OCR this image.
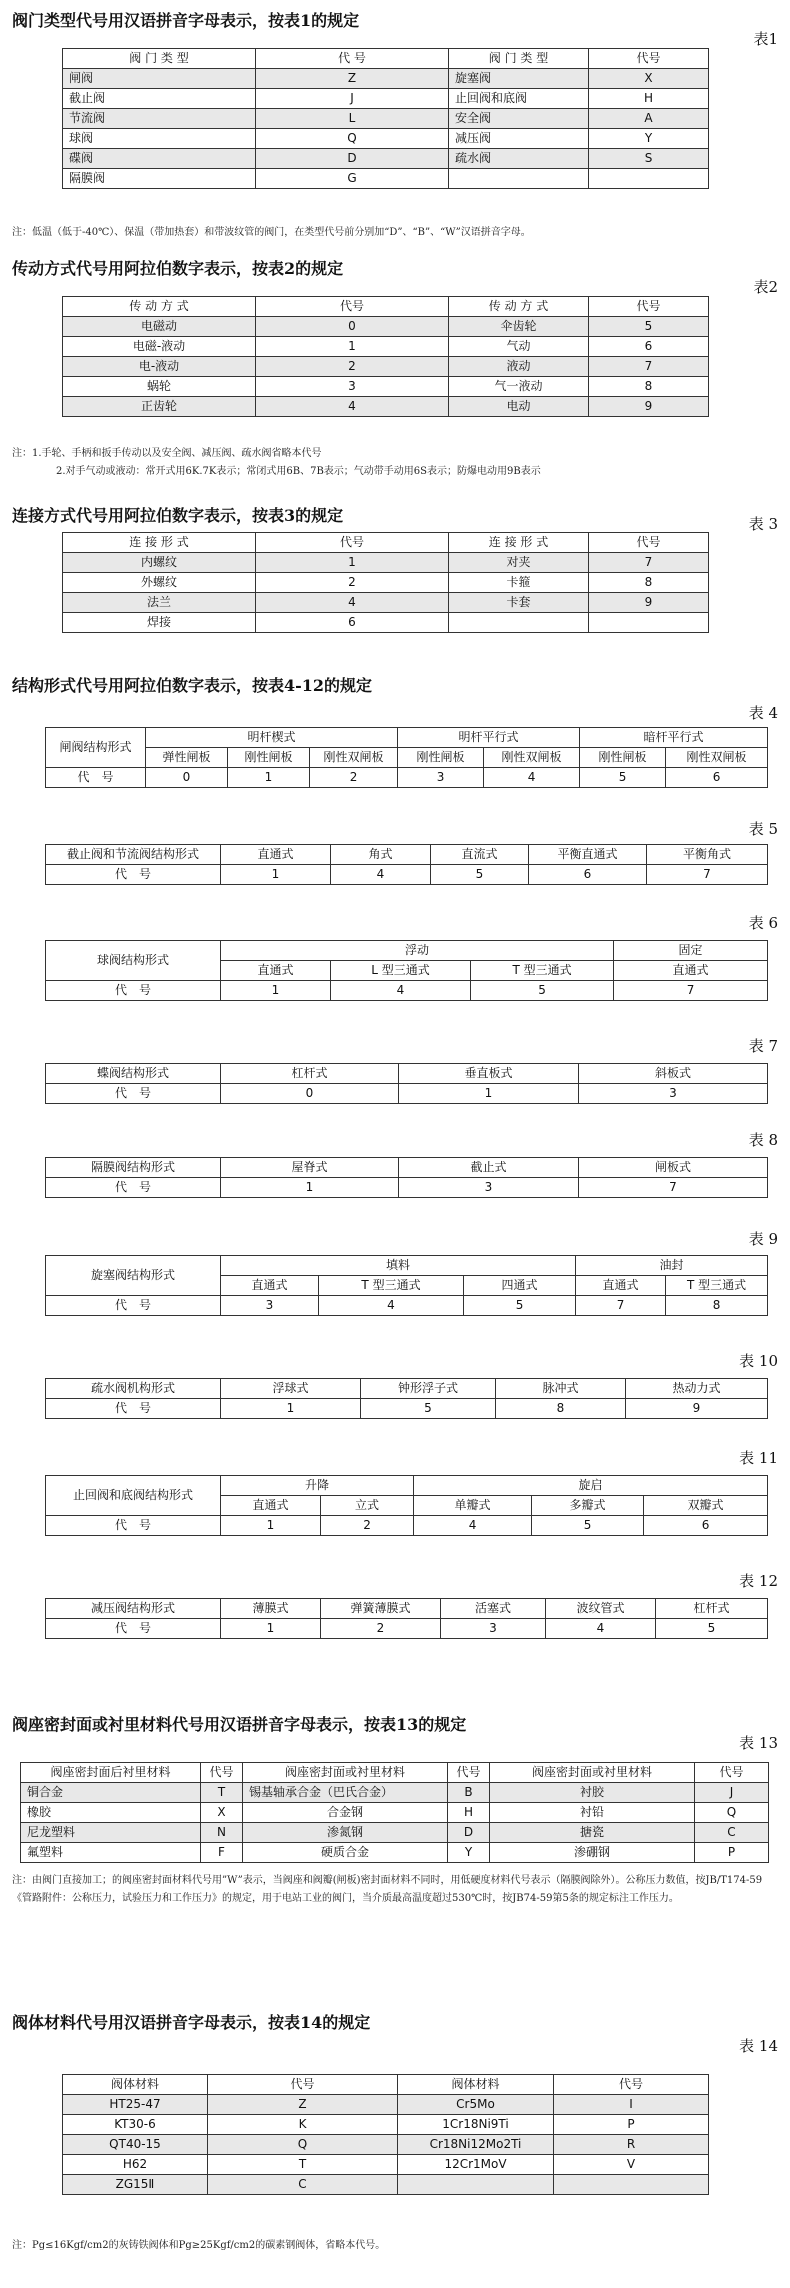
阀门类型代号用汉语拼音字母表示，按表1的规定
表1
阀 门 类 型	代 号	阀 门 类 型	代号
闸阀	Z	旋塞阀	X
截止阀	J	止回阀和底阀	H
节流阀	L	安全阀	A
球阀	Q	减压阀	Y
碟阀	D	疏水阀	S
隔膜阀	G		
注：低温（低于-40℃）、保温（带加热套）和带波纹管的阀门，在类型代号前分别加“D”、“B”、“W”汉语拼音字母。
传动方式代号用阿拉伯数字表示，按表2的规定
表2
传 动 方 式	代号	传 动 方 式	代号
电磁动	0	伞齿轮	5
电磁-液动	1	气动	6
电-液动	2	液动	7
蜗轮	3	气一液动	8
正齿轮	4	电动	9
注：1.手轮、手柄和扳手传动以及安全阀、减压阀、疏水阀省略本代号
2.对手气动或液动：常开式用6K.7K表示；常闭式用6B、7B表示；气动带手动用6S表示；防爆电动用9B表示
连接方式代号用阿拉伯数字表示，按表3的规定	表 3
连 接 形 式	代号	连 接 形 式	代号
内螺纹	1	对夹	7
外螺纹	2	卡箍	8
法兰	4	卡套	9
焊接	6		
结构形式代号用阿拉伯数字表示，按表4-12的规定
表 4
闸阀结构形式	明杆楔式			明杆平行式		暗杆平行式	
	弹性闸板	刚性闸板	刚性双闸板	刚性闸板	刚性双闸板	刚性闸板	刚性双闸板
代　号	0	1	2	3	4	5	6
表 5
截止阀和节流阀结构形式	直通式	角式	直流式	平衡直通式	平衡角式
代　号	1	4	5	6	7
表 6
球阀结构形式	浮动			固定
	直通式	L 型三通式	T 型三通式	直通式
代　号	1	4	5	7
表 7
蝶阀结构形式	杠杆式	垂直板式	斜板式
代　号	0	1	3
表 8
隔膜阀结构形式	屋脊式	截止式	闸板式
代　号	1	3	7
表 9
旋塞阀结构形式	填料			油封	
	直通式	T 型三通式	四通式	直通式	T 型三通式
代　号	3	4	5	7	8
表 10
疏水阀机构形式	浮球式	钟形浮子式	脉冲式	热动力式
代　号	1	5	8	9
表 11
止回阀和底阀结构形式	升降		旋启		
	直通式	立式	单瓣式	多瓣式	双瓣式
代　号	1	2	4	5	6
表 12
减压阀结构形式	薄膜式	弹簧薄膜式	活塞式	波纹管式	杠杆式
代　号	1	2	3	4	5
阀座密封面或衬里材料代号用汉语拼音字母表示，按表13的规定
表 13
阀座密封面后衬里材料	代号	阀座密封面或衬里材料	代号	阀座密封面或衬里材料	代号
铜合金	T	锡基轴承合金（巴氏合金）	B	衬胶	J
橡胶	X	合金钢	H	衬铅	Q
尼龙塑料	N	渗氮钢	D	搪瓷	C
氟塑料	F	硬质合金	Y	渗硼钢	P
注：由阀门直接加工；的阀座密封面材料代号用”W”表示，当阀座和阀瓣(闸板)密封面材料不同时，用低硬度材料代号表示（隔膜阀除外）。公称压力数值，按JB/T174-59《管路附件：公称压力，试验压力和工作压力》的规定，用于电站工业的阀门，当介质最高温度超过530℃时，按JB74-59第5条的规定标注工作压力。
阀体材料代号用汉语拼音字母表示，按表14的规定
表 14
阀体材料	代号	阀体材料	代号
HT25-47	Z	Cr5Mo	I
KT30-6	K	1Cr18Ni9Ti	P
QT40-15	Q	Cr18Ni12Mo2Ti	R
H62	T	12Cr1MoV	V
ZG15Ⅱ	C		
注：Pg≤16Kgf/cm2的灰铸铁阀体和Pg≥25Kgf/cm2的碳素钢阀体，省略本代号。
